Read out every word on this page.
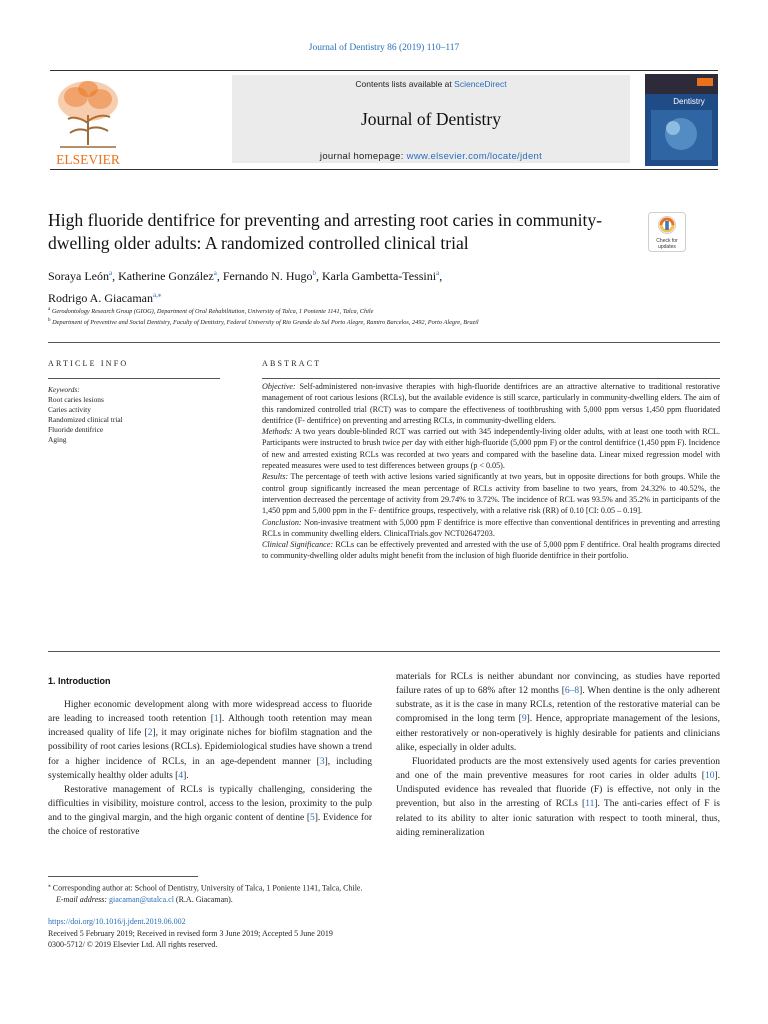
Journal of Dentistry 86 (2019) 110–117
ELSEVIER
Contents lists available at ScienceDirect
Journal of Dentistry
journal homepage: www.elsevier.com/locate/jdent
Dentistry
High fluoride dentifrice for preventing and arresting root caries in community-dwelling older adults: A randomized controlled clinical trial	Check for
updates
Soraya León$^a$, Katherine González$^a$, Fernando N. Hugo$^b$, Karla Gambetta-Tessini$^a$,
Rodrigo A. Giacaman$^{a,⁎}$
$^a$ Gerodontology Research Group (GIOG), Department of Oral Rehabilitation, University of Talca, 1 Poniente 1141, Talca, Chile
$^b$ Department of Preventive and Social Dentistry, Faculty of Dentistry, Federal University of Rio Grande do Sul Porto Alegre, Ramiro Barcelos, 2492, Porto Alegre, Brazil
ARTICLE INFO	ABSTRACT
Keywords:
Root caries lesions
Caries activity
Randomized clinical trial
Fluoride dentifrice
Aging

Objective: Self-administered non-invasive therapies with high-fluoride dentifrices are an attractive alternative to traditional restorative management of root carious lesions (RCLs), but the available evidence is still scarce, particularly in community-dwelling elders. The aim of this randomized controlled trial (RCT) was to compare the effectiveness of toothbrushing with 5,000 ppm versus 1,450 ppm fluoridated dentifrice (F- dentifrice) on preventing and arresting RCLs, in community-dwelling elders.

Methods: A two years double-blinded RCT was carried out with 345 independently-living older adults, with at least one tooth with RCL. Participants were instructed to brush twice per day with either high-fluoride (5,000 ppm F) or the control dentifrice (1,450 ppm F). Incidence of new and arrested existing RCLs was recorded at two years and compared with the baseline data. Linear mixed regression model with repeated measures were used to test differences between groups (p < 0.05).

Results: The percentage of teeth with active lesions varied significantly at two years, but in opposite directions for both groups. While the control group significantly increased the mean percentage of RCLs activity from baseline to two years, from 24.32% to 40.52%, the intervention decreased the percentage of activity from 29.74% to 3.72%. The incidence of RCL was 93.5% and 35.2% in participants of the 1,450 ppm and 5,000 ppm in the F- dentifrice groups, respectively, with a relative risk (RR) of 0.10 [CI: 0.05 – 0.19].

Conclusion: Non-invasive treatment with 5,000 ppm F dentifrice is more effective than conventional dentifrices in preventing and arresting RCLs in community dwelling elders. ClinicalTrials.gov NCT02647203.

Clinical Significance: RCLs can be effectively prevented and arrested with the use of 5,000 ppm F dentifrice. Oral health programs directed to community-dwelling older adults might benefit from the inclusion of high fluoride dentifrice in their portfolio.

1. Introduction

Higher economic development along with more widespread access to fluoride are leading to increased tooth retention [1]. Although tooth retention may mean increased quality of life [2], it may originate niches for biofilm stagnation and the possibility of root caries lesions (RCLs). Epidemiological studies have shown a trend for a higher incidence of RCLs, in an age-dependent manner [3], including systemically healthy older adults [4].

Restorative management of RCLs is typically challenging, considering the difficulties in visibility, moisture control, access to the lesion, proximity to the pulp and to the gingival margin, and the high organic content of dentine [5]. Evidence for the choice of restorative

materials for RCLs is neither abundant nor convincing, as studies have reported failure rates of up to 68% after 12 months [6–8]. When dentine is the only adherent substrate, as it is the case in many RCLs, retention of the restorative material can be compromised in the long term [9]. Hence, appropriate management of the lesions, either restoratively or non-operatively is highly desirable for patients and clinicians alike, especially in older adults.

Fluoridated products are the most extensively used agents for caries prevention and one of the main preventive measures for root caries in older adults [10]. Undisputed evidence has revealed that fluoride (F) is effective, not only in the prevention, but also in the arresting of RCLs [11]. The anti-caries effect of F is related to its ability to alter ionic saturation with respect to tooth mineral, thus, aiding remineralization

⁎ Corresponding author at: School of Dentistry, University of Talca, 1 Poniente 1141, Talca, Chile.
E-mail address: giacaman@utalca.cl (R.A. Giacaman).
https://doi.org/10.1016/j.jdent.2019.06.002
Received 5 February 2019; Received in revised form 3 June 2019; Accepted 5 June 2019
0300-5712/ © 2019 Elsevier Ltd. All rights reserved.
